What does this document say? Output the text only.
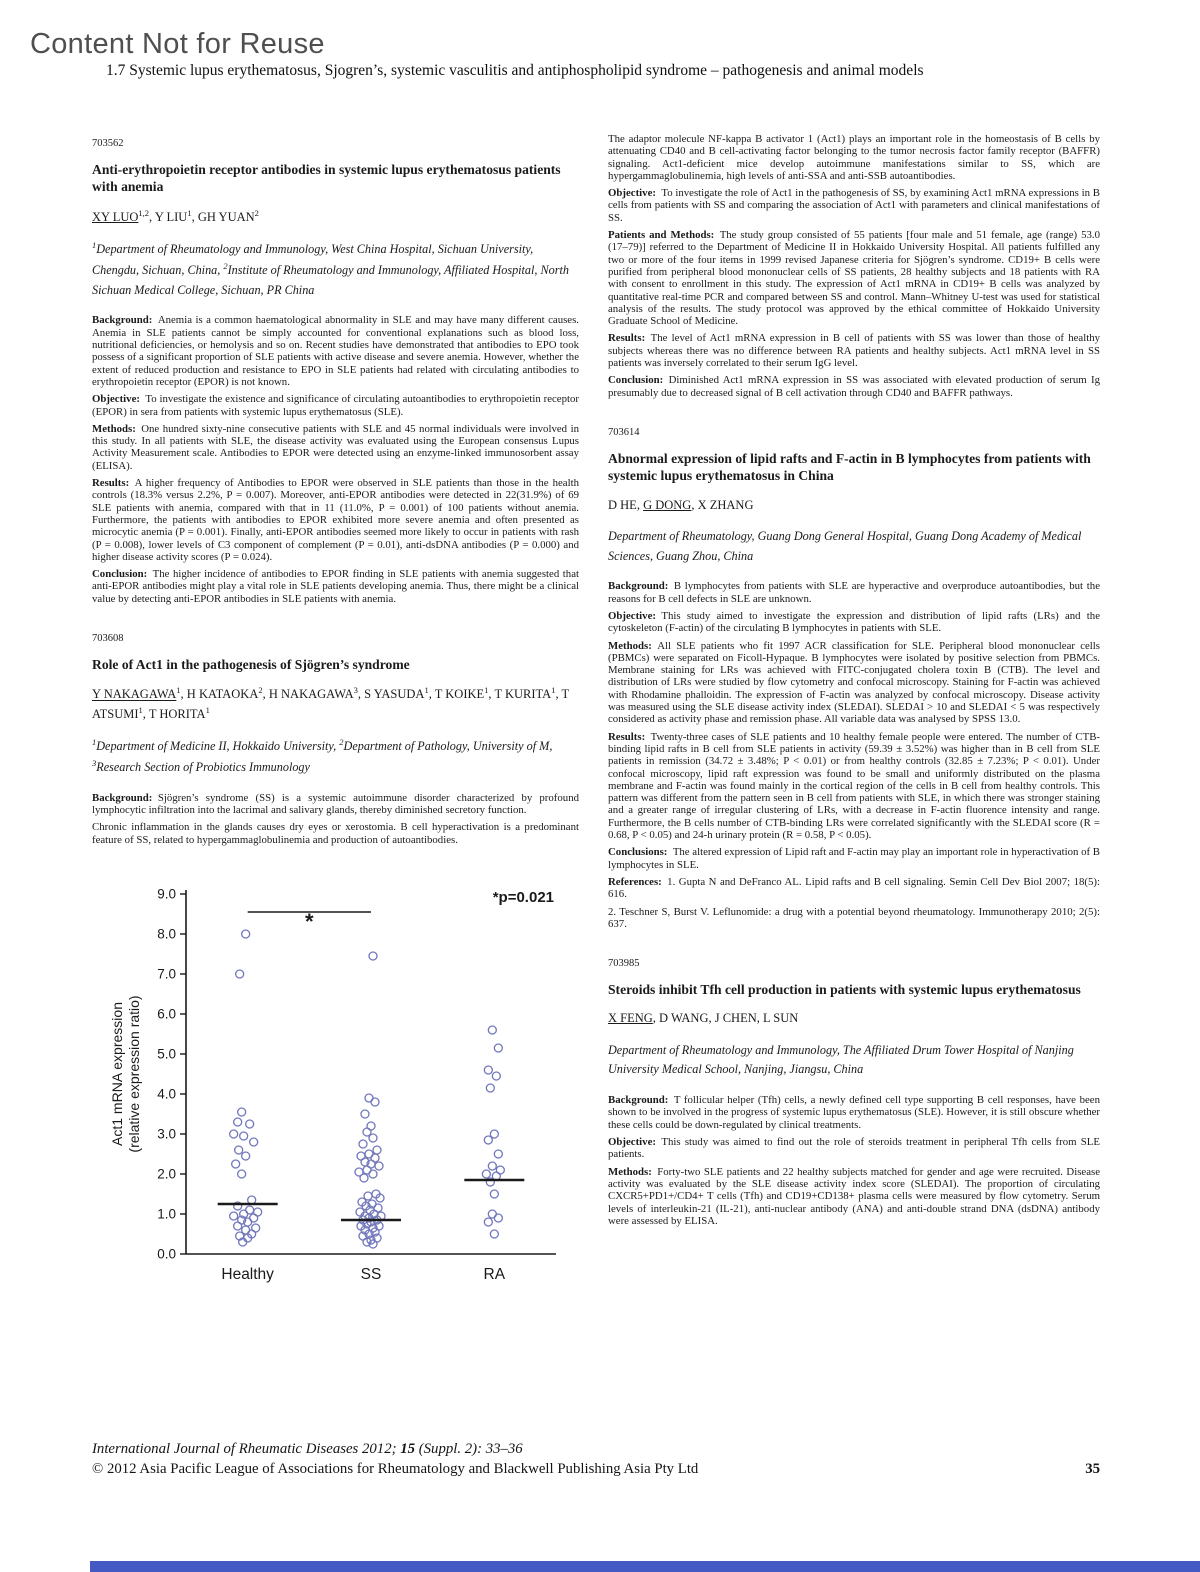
Content Not for Reuse
1.7 Systemic lupus erythematosus, Sjogren’s, systemic vasculitis and antiphospholipid syndrome – pathogenesis and animal models
703562
Anti-erythropoietin receptor antibodies in systemic lupus erythematosus patients with anemia
XY LUO$^{1,2}$, Y LIU$^1$, GH YUAN$^2$
$^1$Department of Rheumatology and Immunology, West China Hospital, Sichuan University, Chengdu, Sichuan, China, $^2$Institute of Rheumatology and Immunology, Affiliated Hospital, North Sichuan Medical College, Sichuan, PR China

Background:  Anemia is a common haematological abnormality in SLE and may have many different causes. Anemia in SLE patients cannot be simply accounted for conventional explanations such as blood loss, nutritional deficiencies, or hemolysis and so on. Recent studies have demonstrated that antibodies to EPO took possess of a significant proportion of SLE patients with active disease and severe anemia. However, whether the extent of reduced production and resistance to EPO in SLE patients had related with circulating antibodies to erythropoietin receptor (EPOR) is not known.

Objective:  To investigate the existence and significance of circulating autoantibodies to erythropoietin receptor (EPOR) in sera from patients with systemic lupus erythematosus (SLE).

Methods:  One hundred sixty-nine consecutive patients with SLE and 45 normal individuals were involved in this study. In all patients with SLE, the disease activity was evaluated using the European consensus Lupus Activity Measurement scale. Antibodies to EPOR were detected using an enzyme-linked immunosorbent assay (ELISA).

Results:  A higher frequency of Antibodies to EPOR were observed in SLE patients than those in the health controls (18.3% versus 2.2%, P = 0.007). Moreover, anti-EPOR antibodies were detected in 22(31.9%) of 69 SLE patients with anemia, compared with that in 11 (11.0%, P = 0.001) of 100 patients without anemia. Furthermore, the patients with antibodies to EPOR exhibited more severe anemia and often presented as microcytic anemia (P = 0.001). Finally, anti-EPOR antibodies seemed more likely to occur in patients with rash (P = 0.008), lower levels of C3 component of complement (P = 0.01), anti-dsDNA antibodies (P = 0.000) and higher disease activity scores (P = 0.024).

Conclusion:  The higher incidence of antibodies to EPOR finding in SLE patients with anemia suggested that anti-EPOR antibodies might play a vital role in SLE patients developing anemia. Thus, there might be a clinical value by detecting anti-EPOR antibodies in SLE patients with anemia.

703608
Role of Act1 in the pathogenesis of Sjögren’s syndrome
Y NAKAGAWA$^1$, H KATAOKA$^2$, H NAKAGAWA$^3$, S YASUDA$^1$, T KOIKE$^1$, T KURITA$^1$, T ATSUMI$^1$, T HORITA$^1$
$^1$Department of Medicine II, Hokkaido University, $^2$Department of Pathology, University of M, $^3$Research Section of Probiotics Immunology

Background:  Sjögren’s syndrome (SS) is a systemic autoimmune disorder characterized by profound lymphocytic infiltration into the lacrimal and salivary glands, thereby diminished secretory function.

Chronic inflammation in the glands causes dry eyes or xerostomia. B cell hyperactivation is a predominant feature of SS, related to hypergammaglobulinemia and production of autoantibodies.

0.0
1.0
2.0
3.0
4.0
5.0
6.0
7.0
8.0
9.0
Healthy	SS	RA
*
*p=0.021
Act1 mRNA expression (relative expression ratio)

The adaptor molecule NF-kappa B activator 1 (Act1) plays an important role in the homeostasis of B cells by attenuating CD40 and B cell-activating factor belonging to the tumor necrosis factor family receptor (BAFFR) signaling. Act1-deficient mice develop autoimmune manifestations similar to SS, which are hypergammaglobulinemia, high levels of anti-SSA and anti-SSB autoantibodies.

Objective:  To investigate the role of Act1 in the pathogenesis of SS, by examining Act1 mRNA expressions in B cells from patients with SS and comparing the association of Act1 with parameters and clinical manifestations of SS.

Patients and Methods:  The study group consisted of 55 patients [four male and 51 female, age (range) 53.0 (17–79)] referred to the Department of Medicine II in Hokkaido University Hospital. All patients fulfilled any two or more of the four items in 1999 revised Japanese criteria for Sjögren’s syndrome. CD19+ B cells were purified from peripheral blood mononuclear cells of SS patients, 28 healthy subjects and 18 patients with RA with consent to enrollment in this study. The expression of Act1 mRNA in CD19+ B cells was analyzed by quantitative real-time PCR and compared between SS and control. Mann–Whitney U-test was used for statistical analysis of the results. The study protocol was approved by the ethical committee of Hokkaido University Graduate School of Medicine.

Results:  The level of Act1 mRNA expression in B cell of patients with SS was lower than those of healthy subjects whereas there was no difference between RA patients and healthy subjects. Act1 mRNA level in SS patients was inversely correlated to their serum IgG level.

Conclusion:  Diminished Act1 mRNA expression in SS was associated with elevated production of serum Ig presumably due to decreased signal of B cell activation through CD40 and BAFFR pathways.

703614
Abnormal expression of lipid rafts and F-actin in B lymphocytes from patients with systemic lupus erythematosus in China
D HE, G DONG, X ZHANG
Department of Rheumatology, Guang Dong General Hospital, Guang Dong Academy of Medical Sciences, Guang Zhou, China

Background:  B lymphocytes from patients with SLE are hyperactive and overproduce autoantibodies, but the reasons for B cell defects in SLE are unknown.

Objective:  This study aimed to investigate the expression and distribution of lipid rafts (LRs) and the cytoskeleton (F-actin) of the circulating B lymphocytes in patients with SLE.

Methods:  All SLE patients who fit 1997 ACR classification for SLE. Peripheral blood mononuclear cells (PBMCs) were separated on Ficoll-Hypaque. B lymphocytes were isolated by positive selection from PBMCs. Membrane staining for LRs was achieved with FITC-conjugated cholera toxin B (CTB). The level and distribution of LRs were studied by flow cytometry and confocal microscopy. Staining for F-actin was achieved with Rhodamine phalloidin. The expression of F-actin was analyzed by confocal microscopy. Disease activity was measured using the SLE disease activity index (SLEDAI). SLEDAI > 10 and SLEDAI < 5 was respectively considered as activity phase and remission phase. All variable data was analysed by SPSS 13.0.

Results:  Twenty-three cases of SLE patients and 10 healthy female people were entered. The number of CTB-binding lipid rafts in B cell from SLE patients in activity (59.39 ± 3.52%) was higher than in B cell from SLE patients in remission (34.72 ± 3.48%; P < 0.01) or from healthy controls (32.85 ± 7.23%; P < 0.01). Under confocal microscopy, lipid raft expression was found to be small and uniformly distributed on the plasma membrane and F-actin was found mainly in the cortical region of the cells in B cell from healthy controls. This pattern was different from the pattern seen in B cell from patients with SLE, in which there was stronger staining and a greater range of irregular clustering of LRs, with a decrease in F-actin fluorence intensity and range. Furthermore, the B cells number of CTB-binding LRs were correlated significantly with the SLEDAI score (R = 0.68, P < 0.05) and 24-h urinary protein (R = 0.58, P < 0.05).

Conclusions:  The altered expression of Lipid raft and F-actin may play an important role in hyperactivation of B lymphocytes in SLE.

References:  1. Gupta N and DeFranco AL. Lipid rafts and B cell signaling. Semin Cell Dev Biol 2007; 18(5): 616.

2. Teschner S, Burst V. Leflunomide: a drug with a potential beyond rheumatology. Immunotherapy 2010; 2(5): 637.

703985
Steroids inhibit Tfh cell production in patients with systemic lupus erythematosus
X FENG, D WANG, J CHEN, L SUN
Department of Rheumatology and Immunology, The Affiliated Drum Tower Hospital of Nanjing University Medical School, Nanjing, Jiangsu, China

Background:  T follicular helper (Tfh) cells, a newly defined cell type supporting B cell responses, have been shown to be involved in the progress of systemic lupus erythematosus (SLE). However, it is still obscure whether these cells could be down-regulated by clinical treatments.

Objective:  This study was aimed to find out the role of steroids treatment in peripheral Tfh cells from SLE patients.

Methods:  Forty-two SLE patients and 22 healthy subjects matched for gender and age were recruited. Disease activity was evaluated by the SLE disease activity index score (SLEDAI). The proportion of circulating CXCR5+PD1+/CD4+ T cells (Tfh) and CD19+CD138+ plasma cells were measured by flow cytometry. Serum levels of interleukin-21 (IL-21), anti-nuclear antibody (ANA) and anti-double strand DNA (dsDNA) antibody were assessed by ELISA.

International Journal of Rheumatic Diseases 2012; 15 (Suppl. 2): 33–36
© 2012 Asia Pacific League of Associations for Rheumatology and Blackwell Publishing Asia Pty Ltd	35
